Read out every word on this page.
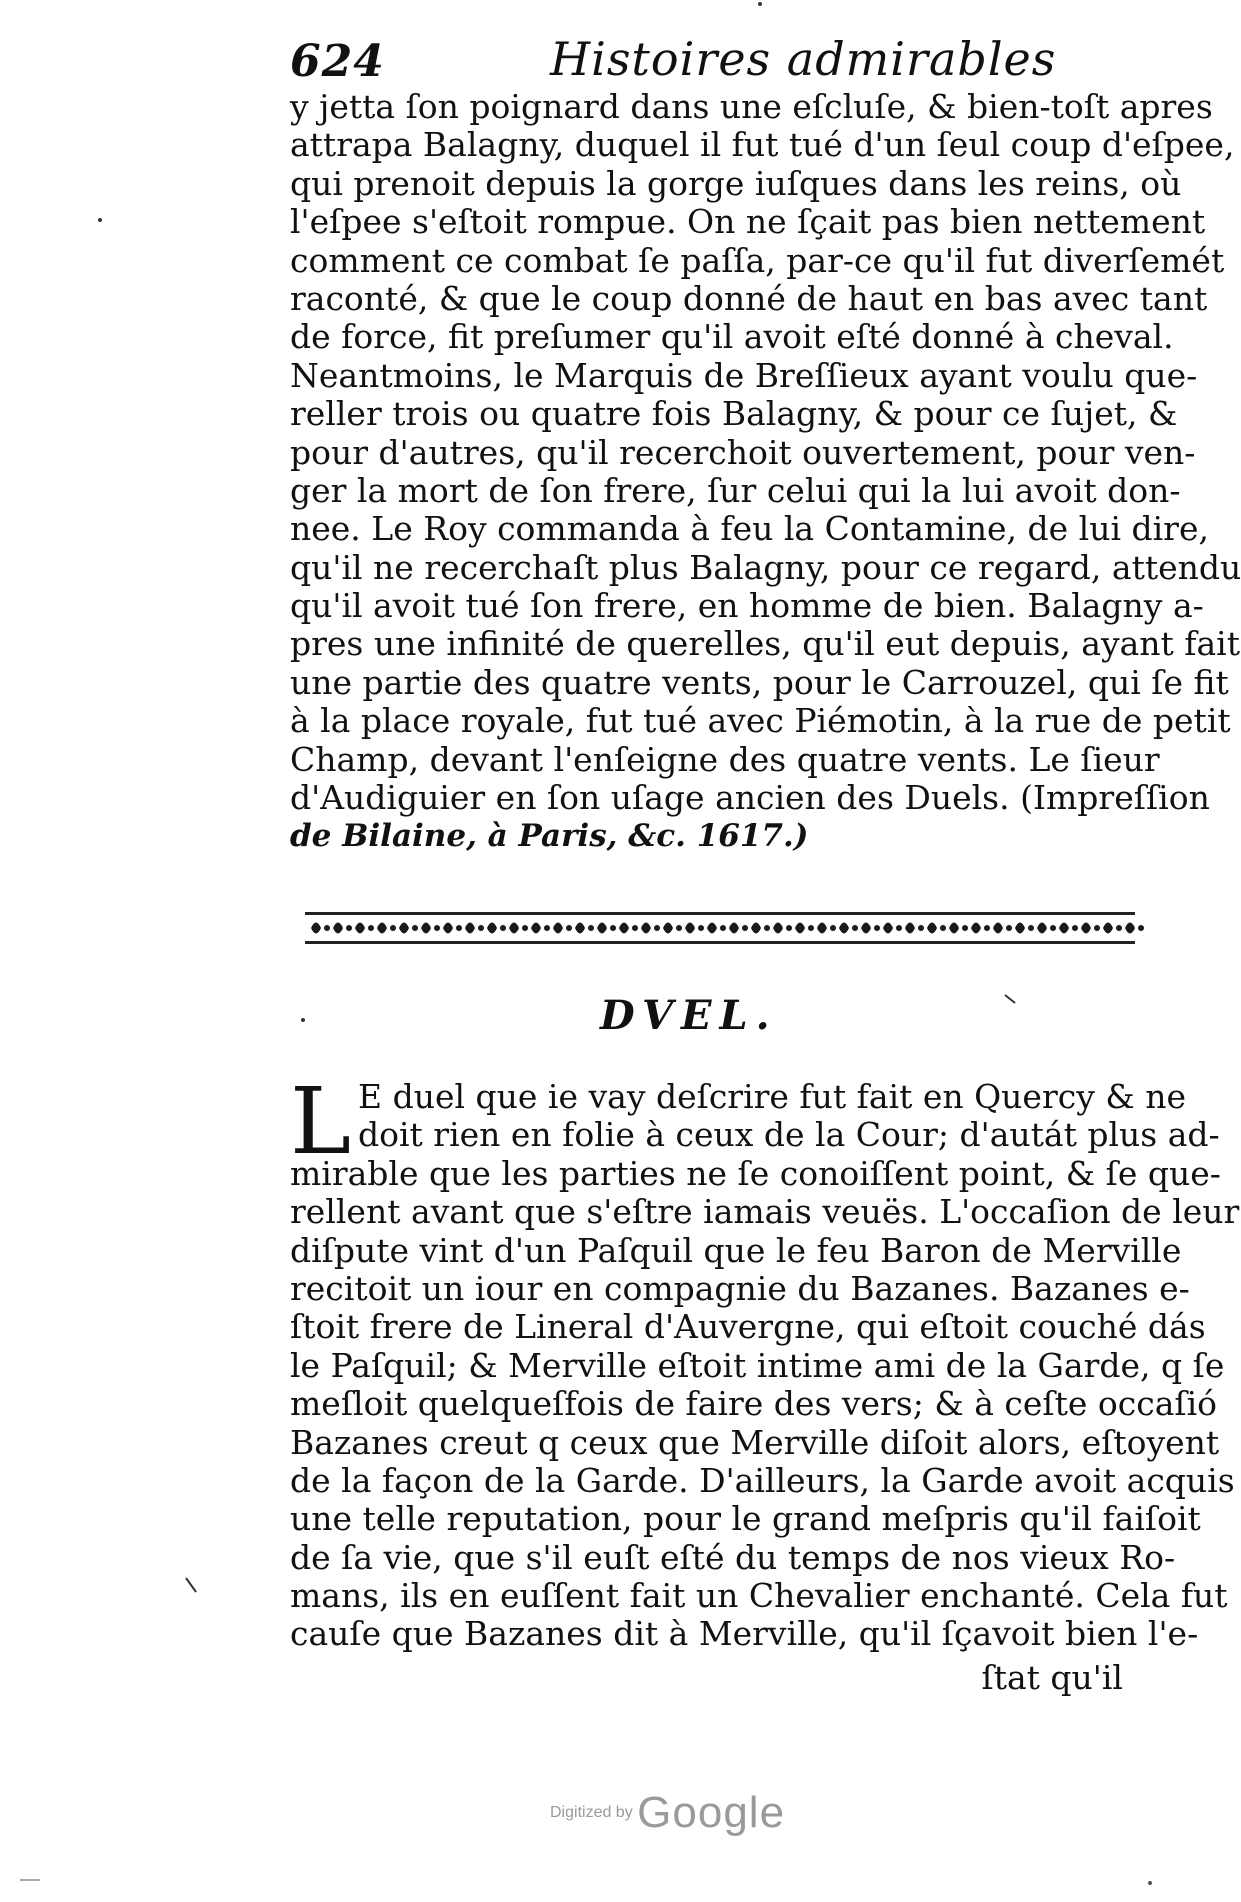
624	Histoires admirables
y jetta ſon poignard dans une eſcluſe, & bien-toſt apres
attrapa Balagny, duquel il fut tué d'un ſeul coup d'eſpee,
qui prenoit depuis la gorge iuſques dans les reins, où
l'eſpee s'eſtoit rompue. On ne ſçait pas bien nettement
comment ce combat ſe paſſa, par-ce qu'il fut diverſemét
raconté, & que le coup donné de haut en bas avec tant
de force, fit preſumer qu'il avoit eſté donné à cheval.
Neantmoins, le Marquis de Breſſieux ayant voulu que-
reller trois ou quatre fois Balagny, & pour ce ſujet, &
pour d'autres, qu'il recerchoit ouvertement, pour ven-
ger la mort de ſon frere, ſur celui qui la lui avoit don-
nee. Le Roy commanda à feu la Contamine, de lui dire,
qu'il ne recerchaſt plus Balagny, pour ce regard, attendu
qu'il avoit tué ſon frere, en homme de bien. Balagny a-
pres une infinité de querelles, qu'il eut depuis, ayant fait
une partie des quatre vents, pour le Carrouzel, qui ſe fit
à la place royale, fut tué avec Piémotin, à la rue de petit
Champ, devant l'enſeigne des quatre vents. Le ſieur
d'Audiguier en ſon uſage ancien des Duels. (Impreſſion
de Bilaine, à Paris, &c. 1617.)
DVEL.
L E duel que ie vay deſcrire fut fait en Quercy & ne
doit rien en folie à ceux de la Cour; d'autát plus ad-
mirable que les parties ne ſe conoiſſent point, & ſe que-
rellent avant que s'eſtre iamais veuës. L'occaſion de leur
diſpute vint d'un Paſquil que le feu Baron de Merville
recitoit un iour en compagnie du Bazanes. Bazanes e-
ſtoit frere de Lineral d'Auvergne, qui eſtoit couché dás
le Paſquil; & Merville eſtoit intime ami de la Garde, q ſe
meſloit quelqueſfois de faire des vers; & à ceſte occaſió
Bazanes creut q ceux que Merville diſoit alors, eſtoyent
de la façon de la Garde. D'ailleurs, la Garde avoit acquis
une telle reputation, pour le grand meſpris qu'il faiſoit
de ſa vie, que s'il euſt eſté du temps de nos vieux Ro-
mans, ils en euſſent fait un Chevalier enchanté. Cela fut
cauſe que Bazanes dit à Merville, qu'il ſçavoit bien l'e-
ſtat qu'il
Digitized by Google
